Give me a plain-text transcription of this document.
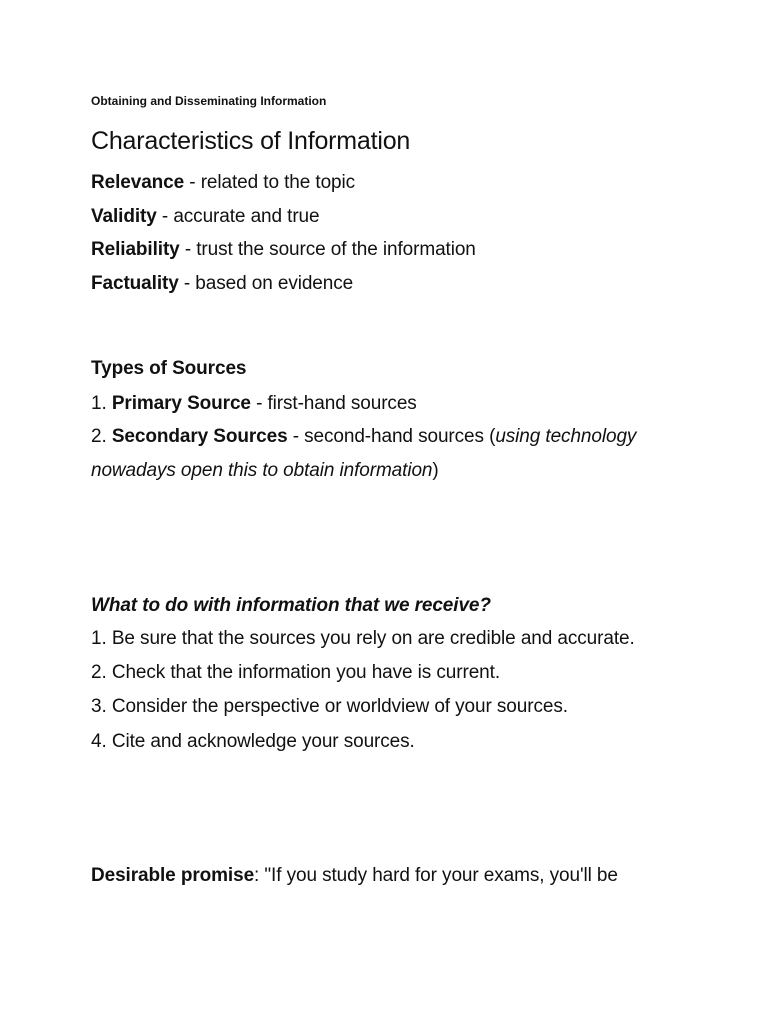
Obtaining and Disseminating Information
Characteristics of Information
Relevance - related to the topic
Validity - accurate and true
Reliability - trust the source of the information
Factuality - based on evidence
Types of Sources
1. Primary Source - first-hand sources
2. Secondary Sources - second-hand sources (using technology
nowadays open this to obtain information)
What to do with information that we receive?
1. Be sure that the sources you rely on are credible and accurate.
2. Check that the information you have is current.
3. Consider the perspective or worldview of your sources.
4. Cite and acknowledge your sources.
Desirable promise: "If you study hard for your exams, you'll be
